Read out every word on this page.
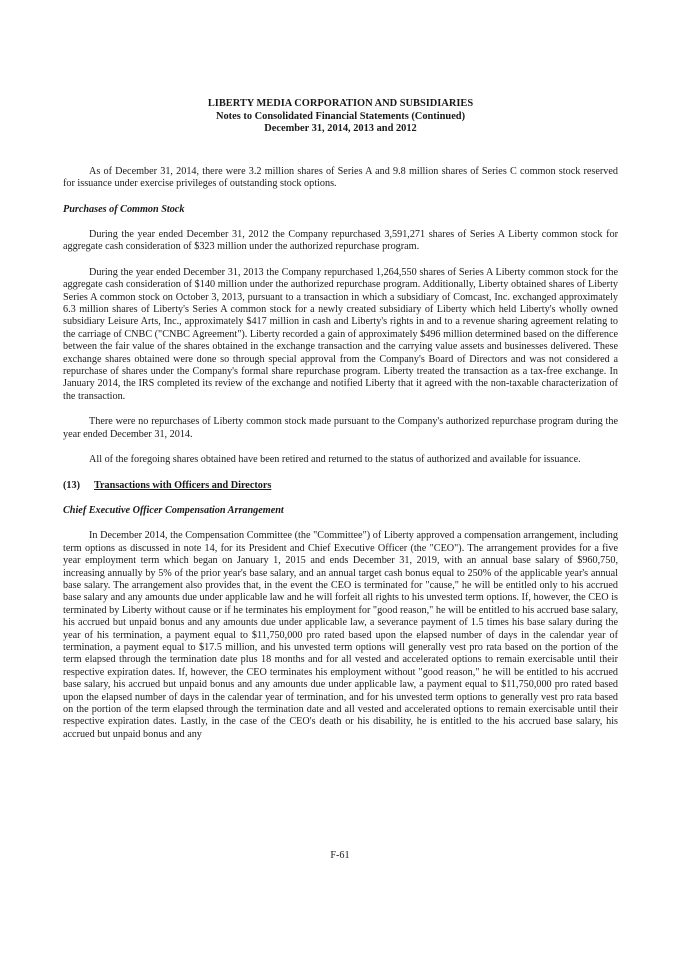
LIBERTY MEDIA CORPORATION AND SUBSIDIARIES
Notes to Consolidated Financial Statements (Continued)
December 31, 2014, 2013 and 2012

As of December 31, 2014, there were 3.2 million shares of Series A and 9.8 million shares of Series C common stock reserved for issuance under exercise privileges of outstanding stock options.

Purchases of Common Stock

During the year ended December 31, 2012 the Company repurchased 3,591,271 shares of Series A Liberty common stock for aggregate cash consideration of $323 million under the authorized repurchase program.

During the year ended December 31, 2013 the Company repurchased 1,264,550 shares of Series A Liberty common stock for the aggregate cash consideration of $140 million under the authorized repurchase program. Additionally, Liberty obtained shares of Liberty Series A common stock on October 3, 2013, pursuant to a transaction in which a subsidiary of Comcast, Inc. exchanged approximately 6.3 million shares of Liberty's Series A common stock for a newly created subsidiary of Liberty which held Liberty's wholly owned subsidiary Leisure Arts, Inc., approximately $417 million in cash and Liberty's rights in and to a revenue sharing agreement relating to the carriage of CNBC ("CNBC Agreement"). Liberty recorded a gain of approximately $496 million determined based on the difference between the fair value of the shares obtained in the exchange transaction and the carrying value assets and businesses delivered. These exchange shares obtained were done so through special approval from the Company's Board of Directors and was not considered a repurchase of shares under the Company's formal share repurchase program. Liberty treated the transaction as a tax-free exchange. In January 2014, the IRS completed its review of the exchange and notified Liberty that it agreed with the non-taxable characterization of the transaction.

There were no repurchases of Liberty common stock made pursuant to the Company's authorized repurchase program during the year ended December 31, 2014.

All of the foregoing shares obtained have been retired and returned to the status of authorized and available for issuance.

(13) Transactions with Officers and Directors

Chief Executive Officer Compensation Arrangement

In December 2014, the Compensation Committee (the "Committee") of Liberty approved a compensation arrangement, including term options as discussed in note 14, for its President and Chief Executive Officer (the "CEO"). The arrangement provides for a five year employment term which began on January 1, 2015 and ends December 31, 2019, with an annual base salary of $960,750, increasing annually by 5% of the prior year's base salary, and an annual target cash bonus equal to 250% of the applicable year's annual base salary. The arrangement also provides that, in the event the CEO is terminated for "cause," he will be entitled only to his accrued base salary and any amounts due under applicable law and he will forfeit all rights to his unvested term options. If, however, the CEO is terminated by Liberty without cause or if he terminates his employment for "good reason," he will be entitled to his accrued base salary, his accrued but unpaid bonus and any amounts due under applicable law, a severance payment of 1.5 times his base salary during the year of his termination, a payment equal to $11,750,000 pro rated based upon the elapsed number of days in the calendar year of termination, a payment equal to $17.5 million, and his unvested term options will generally vest pro rata based on the portion of the term elapsed through the termination date plus 18 months and for all vested and accelerated options to remain exercisable until their respective expiration dates. If, however, the CEO terminates his employment without "good reason," he will be entitled to his accrued base salary, his accrued but unpaid bonus and any amounts due under applicable law, a payment equal to $11,750,000 pro rated based upon the elapsed number of days in the calendar year of termination, and for his unvested term options to generally vest pro rata based on the portion of the term elapsed through the termination date and all vested and accelerated options to remain exercisable until their respective expiration dates. Lastly, in the case of the CEO's death or his disability, he is entitled to the his accrued base salary, his accrued but unpaid bonus and any

F-61
